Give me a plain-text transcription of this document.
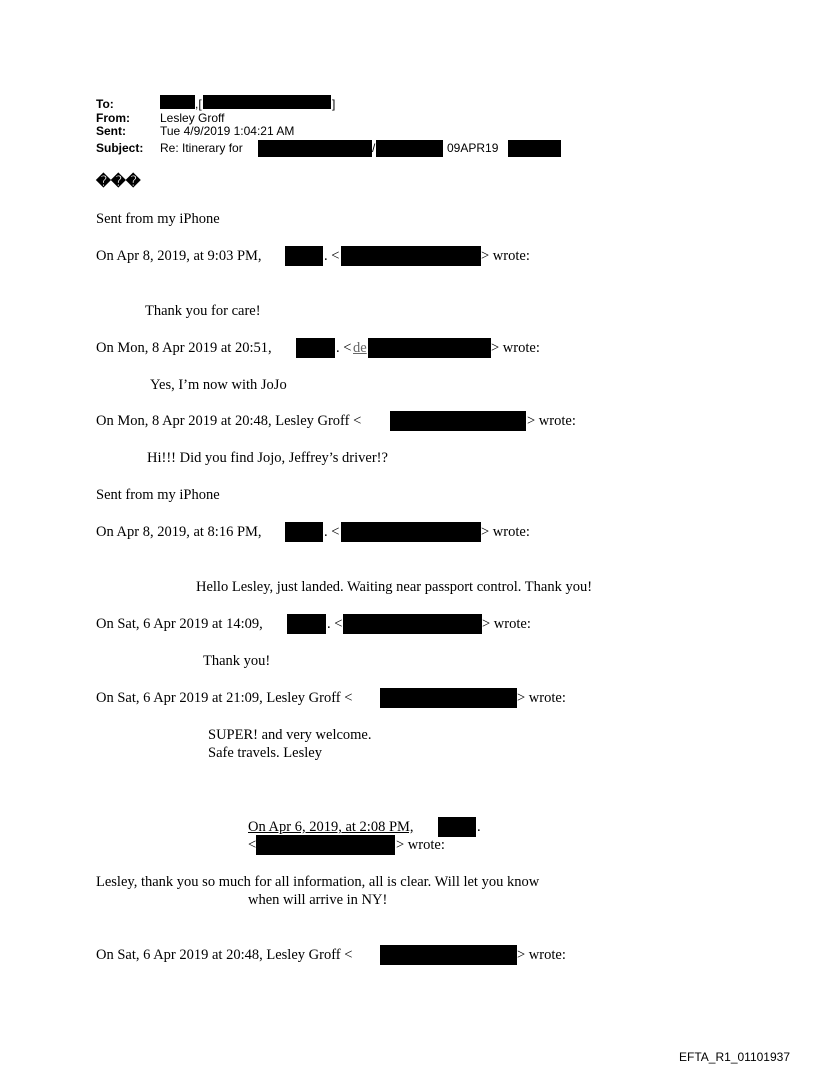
To:	,[	]
From:	Lesley Groff
Sent:	Tue 4/9/2019 1:04:21 AM
Subject: Re: Itinerary for	/	09APR19
���
Sent from my iPhone
On Apr 8, 2019, at 9:03 PM,	. <	> wrote:
Thank you for care!
On Mon, 8 Apr 2019 at 20:51,	. < de	> wrote:
Yes, I’m now with JoJo
On Mon, 8 Apr 2019 at 20:48, Lesley Groff <	> wrote:
Hi!!! Did you find Jojo, Jeffrey’s driver!?
Sent from my iPhone
On Apr 8, 2019, at 8:16 PM,	. <	> wrote:
Hello Lesley, just landed. Waiting near passport control. Thank you!
On Sat, 6 Apr 2019 at 14:09,	. <	> wrote:
Thank you!
On Sat, 6 Apr 2019 at 21:09, Lesley Groff <	> wrote:
SUPER! and very welcome.
Safe travels. Lesley
On Apr 6, 2019, at 2:08 PM,	.
<	> wrote:
Lesley, thank you so much for all information, all is clear. Will let you know
when will arrive in NY!
On Sat, 6 Apr 2019 at 20:48, Lesley Groff <	> wrote:
EFTA_R1_01101937
